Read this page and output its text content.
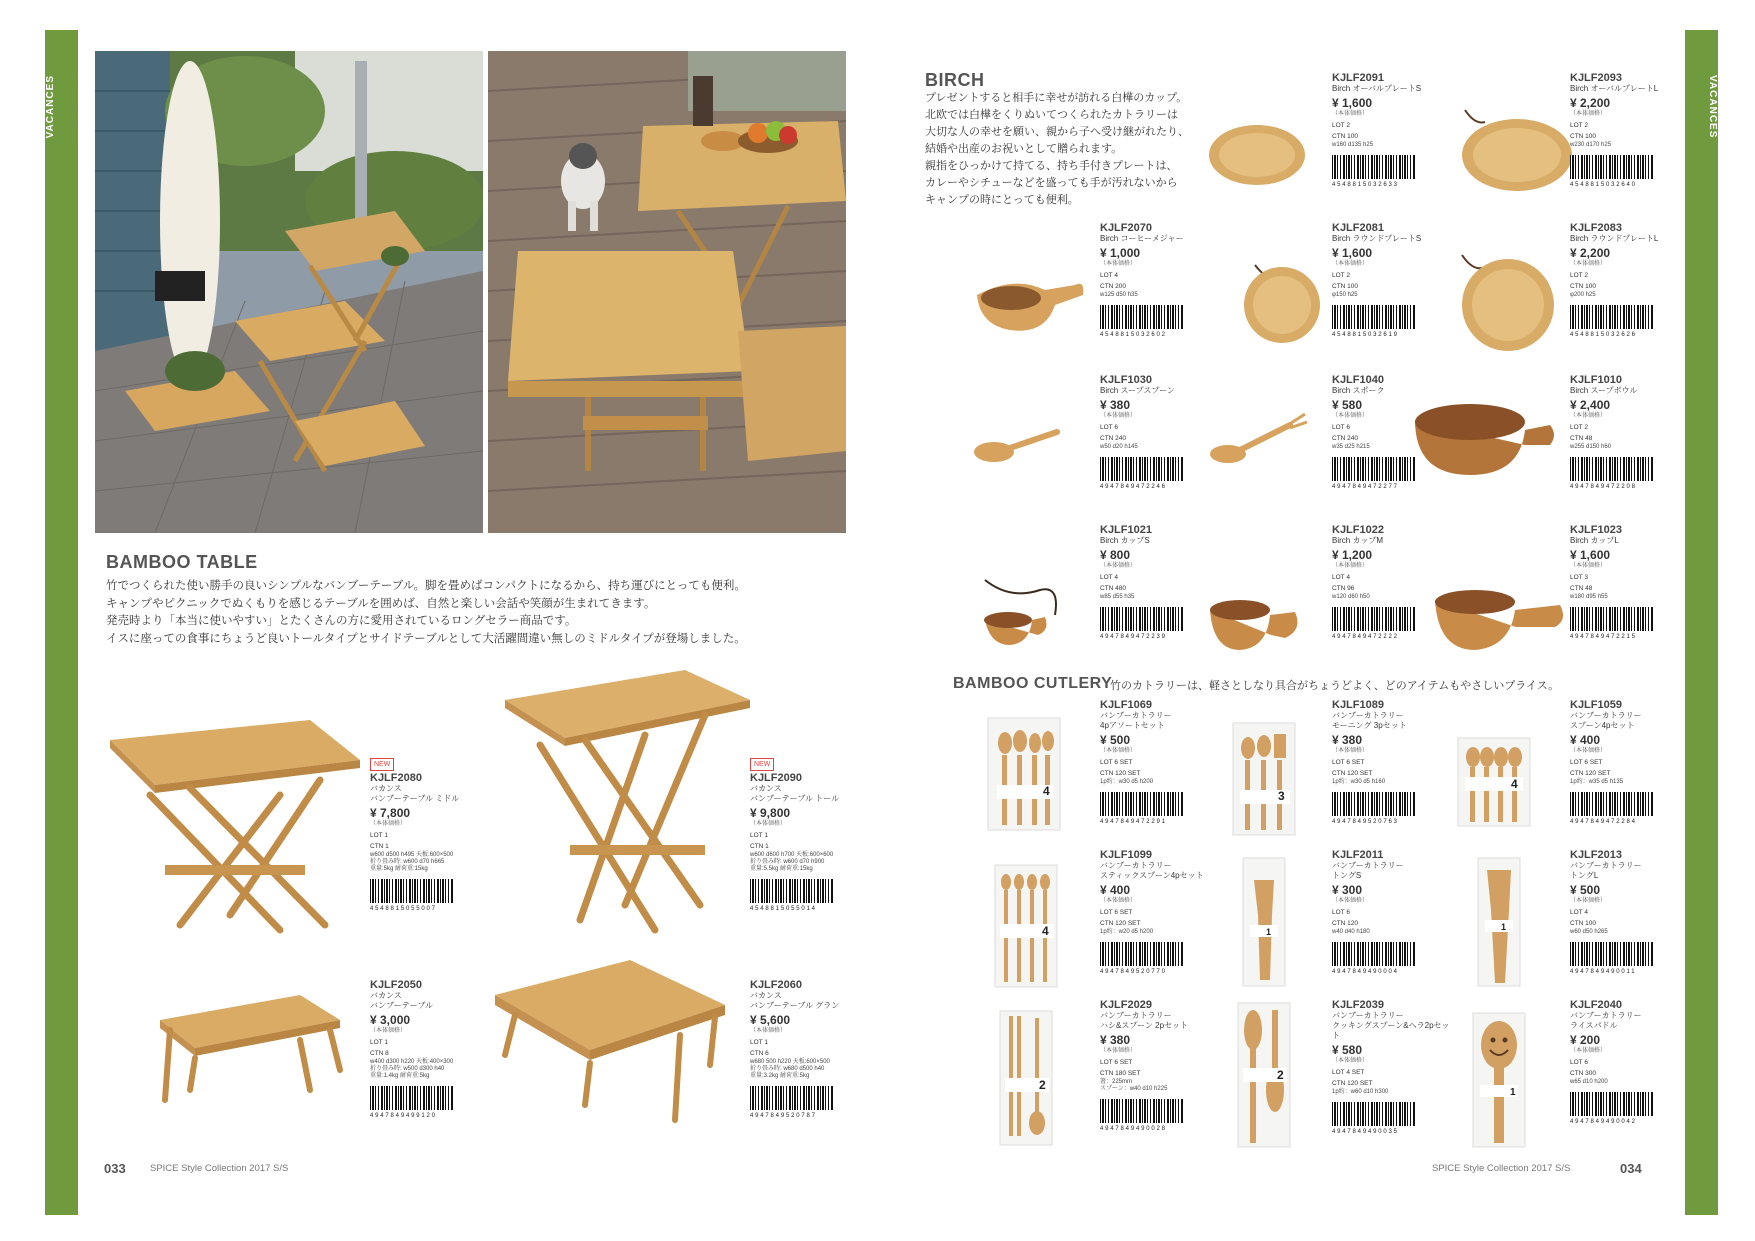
VACANCES	VACANCES
BAMBOO TABLE
竹でつくられた使い勝手の良いシンプルなバンブーテーブル。脚を畳めばコンパクトになるから、持ち運びにとっても便利。
キャンプやピクニックでぬくもりを感じるテーブルを囲めば、自然と楽しい会話や笑顔が生まれてきます。
発売時より「本当に使いやすい」とたくさんの方に愛用されているロングセラー商品です。
イスに座っての食事にちょうど良いトールタイプとサイドテーブルとして大活躍間違い無しのミドルタイプが登場しました。
NEW
KJLF2080
バカンス
バンブーテーブル ミドル
¥ 7,800
（本体価格）
LOT 1
CTN 1
w600 d500 h495 天板:600×500
折り畳み時: w600 d70 h665
重量:5kg 耐荷重:15kg
4548815055007
NEW
KJLF2090
バカンス
バンブーテーブル トール
¥ 9,800
（本体価格）
LOT 1
CTN 1
w600 d600 h700 天板:600×600
折り畳み時: w600 d70 h900
重量:5.5kg 耐荷重:15kg
4548815055014
KJLF2050
バカンス
バンブーテーブル
¥ 3,000
（本体価格）
LOT 1
CTN 8
w400 d300 h220 天板:400×300
折り畳み時: w500 d300 h40
重量:1.4kg 耐荷重:5kg
4947849499120
KJLF2060
バカンス
バンブーテーブル グラン
¥ 5,600
（本体価格）
LOT 1
CTN 6
w680 500 h220 天板:600×500
折り畳み時: w680 d500 h40
重量:3.2kg 耐荷重:5kg
4947849520787
033	SPICE Style Collection 2017 S/S
BIRCH
プレゼントすると相手に幸せが訪れる白樺のカップ。
北欧では白樺をくりぬいてつくられたカトラリーは
大切な人の幸せを願い、親から子へ受け継がれたり、
結婚や出産のお祝いとして贈られます。
親指をひっかけて持てる、持ち手付きプレートは、
カレーやシチューなどを盛っても手が汚れないから
キャンプの時にとっても便利。
KJLF2091
Birch オーバルプレートS
¥ 1,600
（本体価格）
LOT 2
CTN 100
w160 d135 h25
4548815032633
KJLF2093
Birch オーバルプレートL
¥ 2,200
（本体価格）
LOT 2
CTN 100
w230 d170 h25
4548815032640
KJLF2070
Birch コーヒーメジャー
¥ 1,000
（本体価格）
LOT 4
CTN 200
w125 d50 h35
4548815032602
KJLF2081
Birch ラウンドプレートS
¥ 1,600
（本体価格）
LOT 2
CTN 100
φ150 h25
4548815032619
KJLF2083
Birch ラウンドプレートL
¥ 2,200
（本体価格）
LOT 2
CTN 100
φ200 h25
4548815032626
KJLF1030
Birch スープスプーン
¥ 380
（本体価格）
LOT 6
CTN 240
w50 d20 h145
4947849472246
KJLF1040
Birch スポーク
¥ 580
（本体価格）
LOT 6
CTN 240
w35 d25 h215
4947849472277
KJLF1010
Birch スープボウル
¥ 2,400
（本体価格）
LOT 2
CTN 48
w255 d150 h60
4947849472208
KJLF1021
Birch カップS
¥ 800
（本体価格）
LOT 4
CTN 480
w85 d55 h35
4947849472239
KJLF1022
Birch カップM
¥ 1,200
（本体価格）
LOT 4
CTN 96
w120 d60 h50
4947849472222
KJLF1023
Birch カップL
¥ 1,600
（本体価格）
LOT 3
CTN 48
w180 d95 h55
4947849472215
BAMBOO CUTLERY
竹のカトラリーは、軽さとしなり具合がちょうどよく、どのアイテムもやさしいプライス。
4	3
4
4	1	1
2
2
1
KJLF1069
バンブーカトラリー
4pアソートセット
¥ 500
（本体価格）
LOT 6 SET
CTN 120 SET
1p約：w30 d5 h200
4947849472291
KJLF1089
バンブーカトラリー
モーニング 3pセット
¥ 380
（本体価格）
LOT 6 SET
CTN 120 SET
1p約：w30 d5 h160
4947849520763
KJLF1059
バンブーカトラリー
スプーン4pセット
¥ 400
（本体価格）
LOT 6 SET
CTN 120 SET
1p約：w35 d5 h135
4947849472284
KJLF1099
バンブーカトラリー
スティックスプーン4pセット
¥ 400
（本体価格）
LOT 6 SET
CTN 120 SET
1p約：w20 d5 h200
4947849520770
KJLF2011
バンブーカトラリー
トングS
¥ 300
（本体価格）
LOT 6
CTN 120
w40 d40 h180
4947849490004
KJLF2013
バンブーカトラリー
トングL
¥ 500
（本体価格）
LOT 4
CTN 100
w60 d50 h265
4947849490011
KJLF2029
バンブーカトラリー
ハシ&スプーン 2pセット
¥ 380
（本体価格）
LOT 6 SET
CTN 180 SET
箸：225mm
スプーン：w40 d10 h225
4947849490028
KJLF2039
バンブーカトラリー
クッキングスプーン&ヘラ2pセット
¥ 580
（本体価格）
LOT 4 SET
CTN 120 SET
1p約：w60 d10 h300
4947849490035
KJLF2040
バンブーカトラリー
ライスパドル
¥ 200
（本体価格）
LOT 6
CTN 300
w65 d10 h200
4947849490042
SPICE Style Collection 2017 S/S	034
